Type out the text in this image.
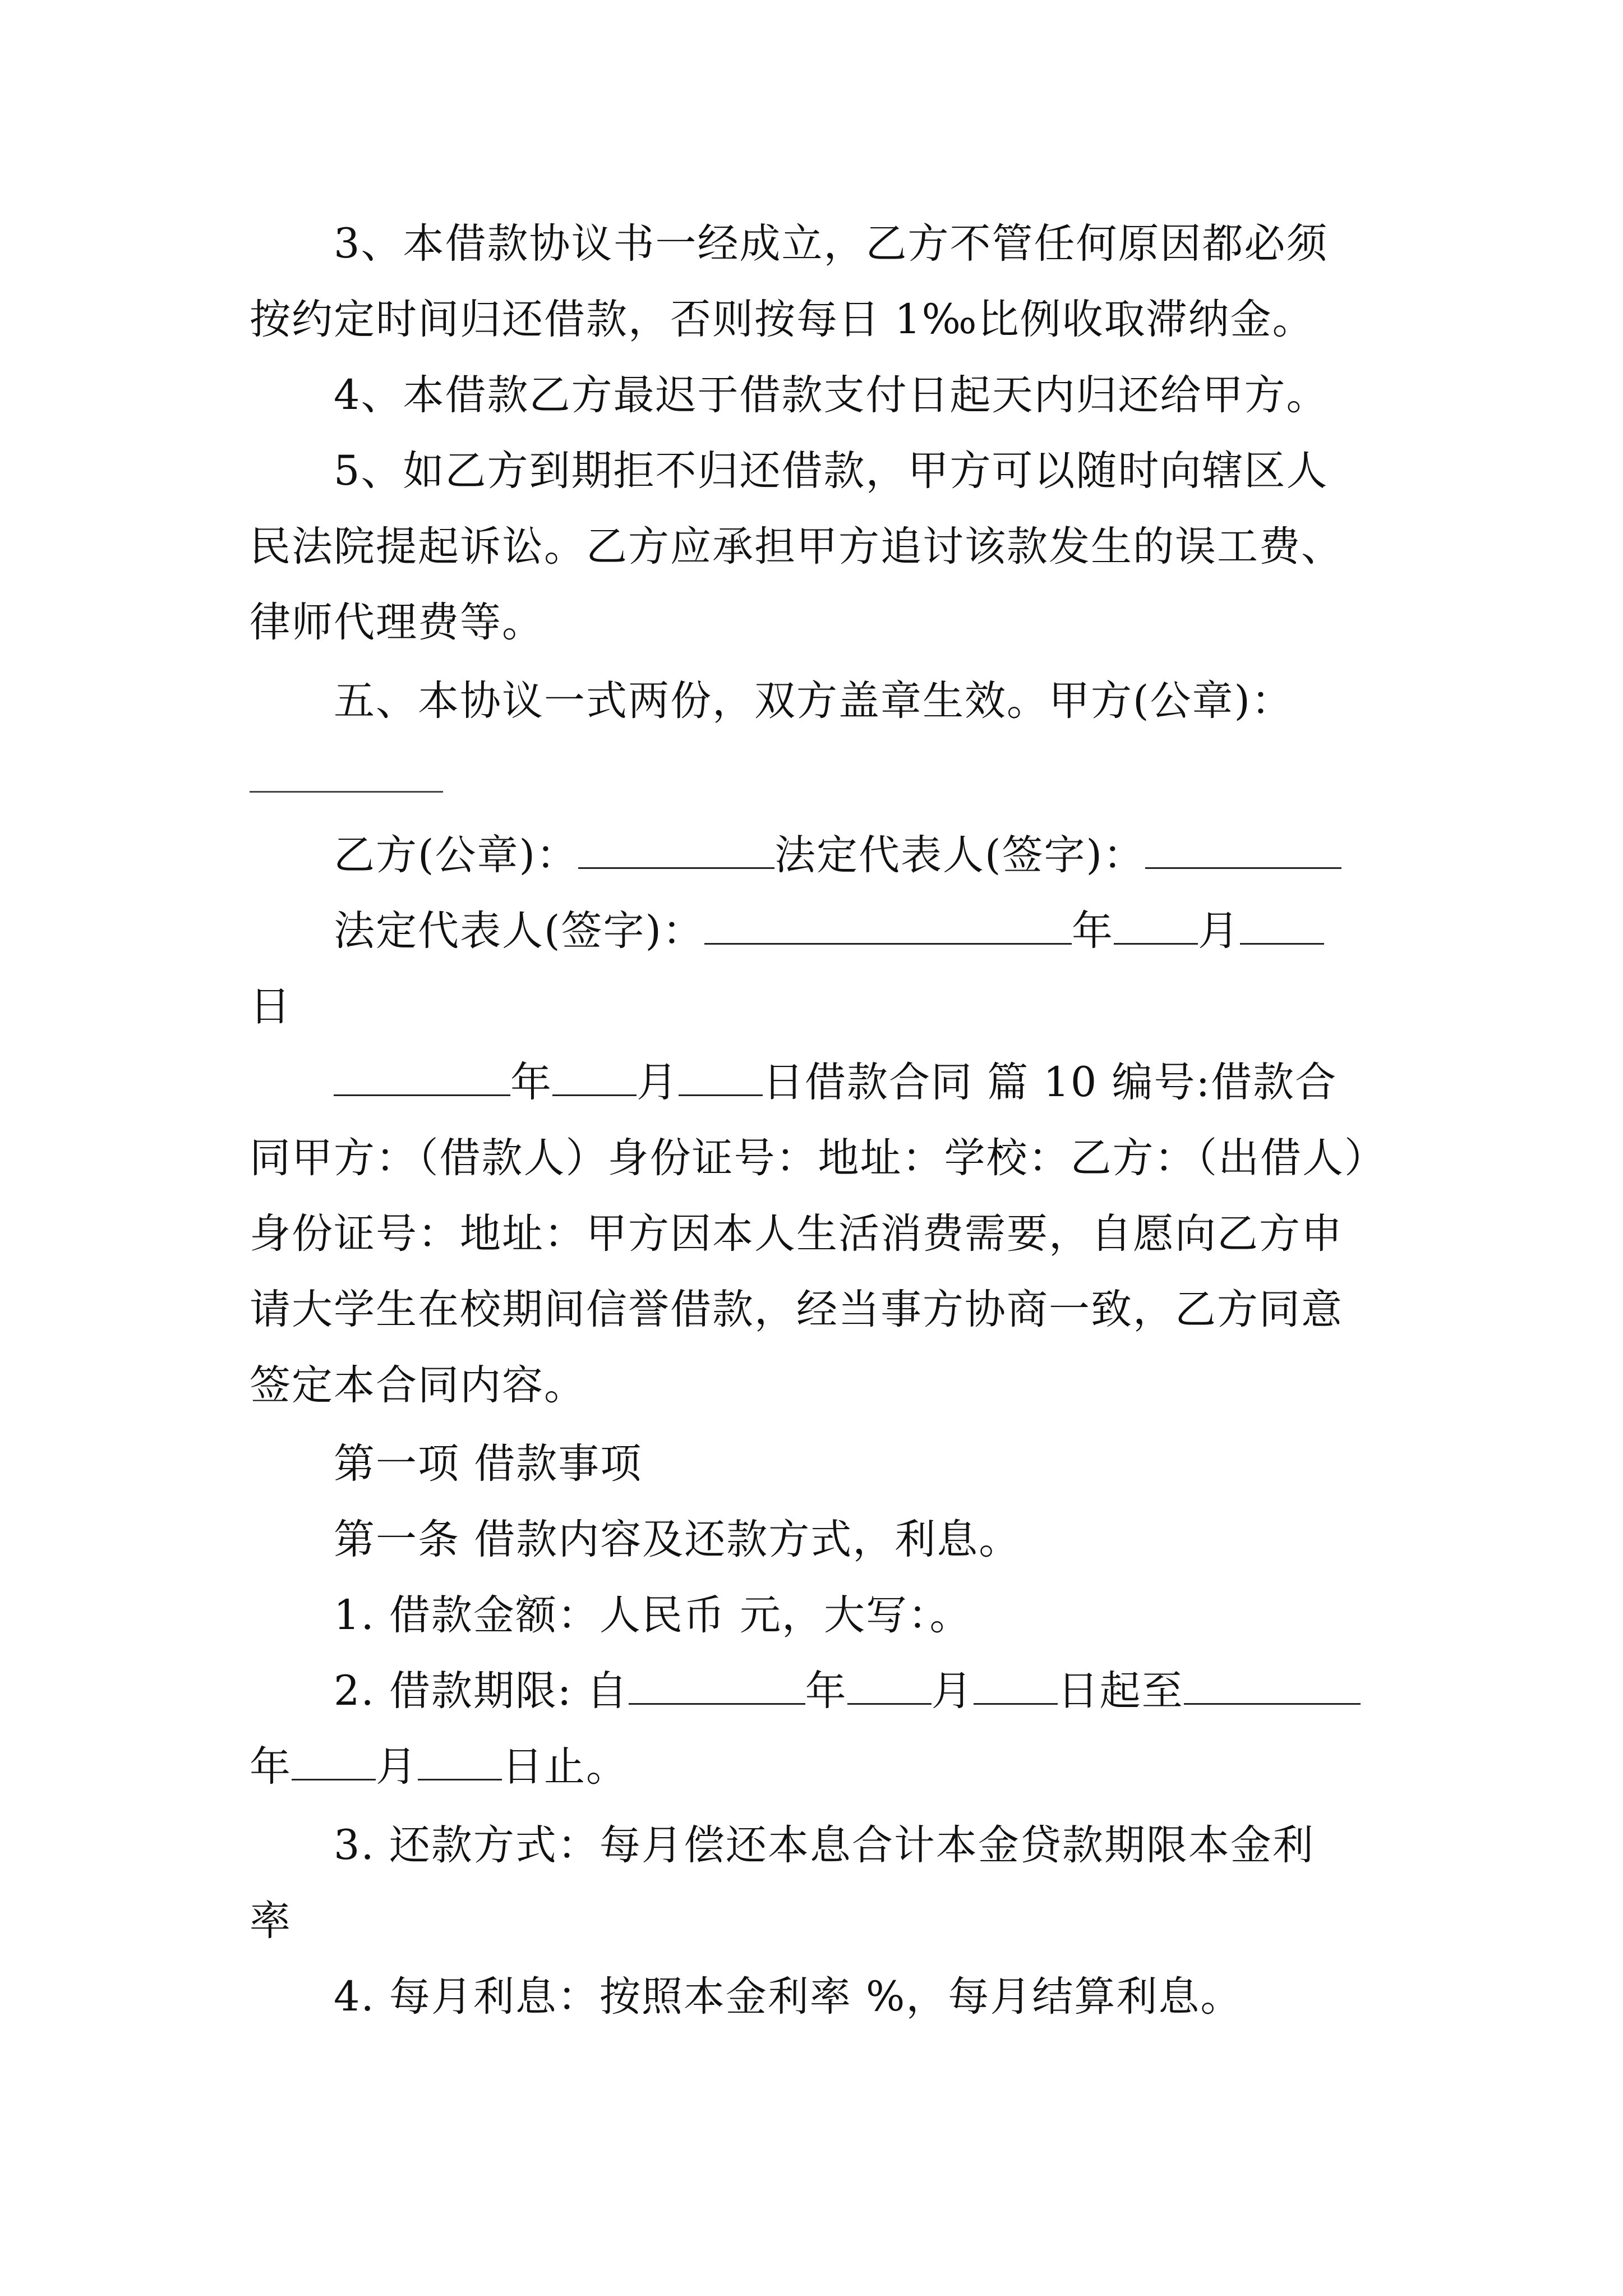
　　3、本借款协议书一经成立，乙方不管任何原因都必须
按约定时间归还借款，否则按每日 1‰比例收取滞纳金。
　　4、本借款乙方最迟于借款支付日起天内归还给甲方。
　　5、如乙方到期拒不归还借款，甲方可以随时向辖区人
民法院提起诉讼。乙方应承担甲方追讨该款发生的误工费、
律师代理费等。
　　五、本协议一式两份，双方盖章生效。甲方(公章)：
　　乙方(公章)：	法定代表人(签字)：
　　法定代表人(签字)：	年 月
日
　　年 月 日借款合同 篇 10 编号:借款合
同甲方：（借款人）身份证号：地址：学校：乙方：（出借人）
身份证号：地址：甲方因本人生活消费需要，自愿向乙方申
请大学生在校期间信誉借款，经当事方协商一致，乙方同意
签定本合同内容。
　　第一项 借款事项
　　第一条 借款内容及还款方式，利息。
　　1. 借款金额：人民币 元，大写：。
　　2. 借款期限: 自	年 月 日起至
年 月 日止。
　　3. 还款方式：每月偿还本息合计本金贷款期限本金利
率
　　4. 每月利息：按照本金利率 %，每月结算利息。
